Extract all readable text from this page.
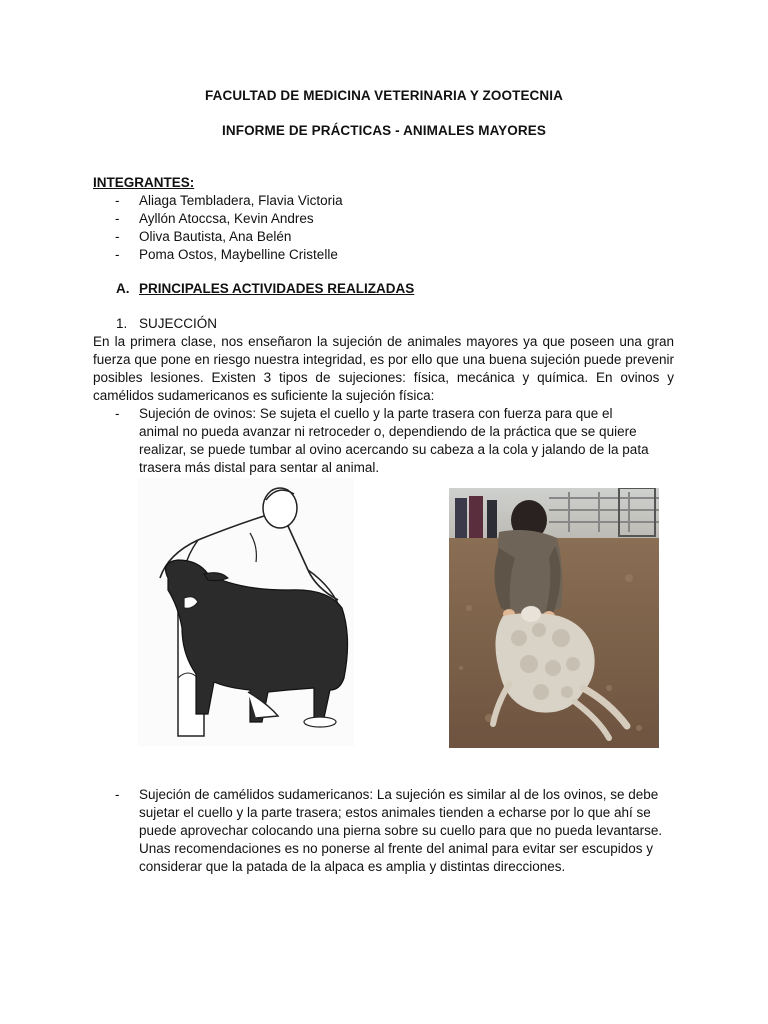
FACULTAD DE MEDICINA VETERINARIA Y ZOOTECNIA
INFORME DE PRÁCTICAS - ANIMALES MAYORES
INTEGRANTES:
-	Aliaga Tembladera, Flavia Victoria
-	Ayllón Atoccsa, Kevin Andres
-	Oliva Bautista, Ana Belén
-	Poma Ostos, Maybelline Cristelle
A. PRINCIPALES ACTIVIDADES REALIZADAS
1. SUJECCIÓN
En la primera clase, nos enseñaron la sujeción de animales mayores ya que poseen una gran fuerza que pone en riesgo nuestra integridad, es por ello que una buena sujeción puede prevenir posibles lesiones. Existen 3 tipos de sujeciones: física, mecánica y química. En ovinos y camélidos sudamericanos es suficiente la sujeción física:
- Sujeción de ovinos: Se sujeta el cuello y la parte trasera con fuerza para que el animal no pueda avanzar ni retroceder o, dependiendo de la práctica que se quiere realizar, se puede tumbar al ovino acercando su cabeza a la cola y jalando de la pata trasera más distal para sentar al animal.
- Sujeción de camélidos sudamericanos: La sujeción es similar al de los ovinos, se debe sujetar el cuello y la parte trasera; estos animales tienden a echarse por lo que ahí se puede aprovechar colocando una pierna sobre su cuello para que no pueda levantarse. Unas recomendaciones es no ponerse al frente del animal para evitar ser escupidos y considerar que la patada de la alpaca es amplia y distintas direcciones.
